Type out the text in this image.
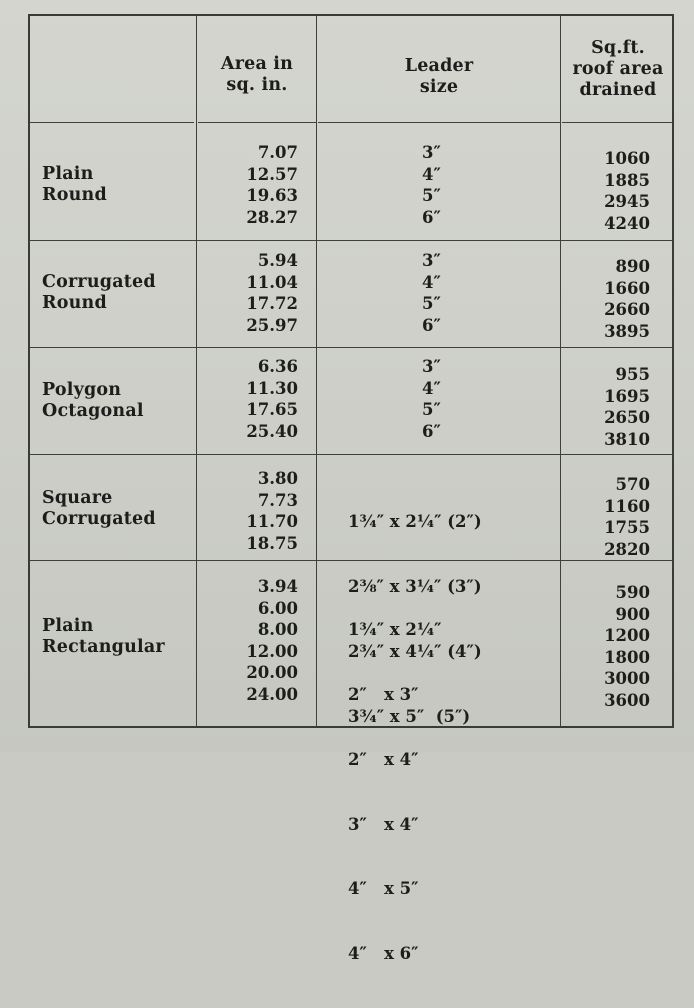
Area in
sq. in.
Leader
size
Sq.ft.
roof area
drained
Plain
Round
7.07
12.57
19.63
28.27
3″
4″
5″
6″
1060
1885
2945
4240
Corrugated
Round
5.94
11.04
17.72
25.97
3″
4″
5″
6″
890
1660
2660
3895
Polygon
Octagonal
6.36
11.30
17.65
25.40
3″
4″
5″
6″
955
1695
2650
3810
Square
Corrugated
3.80
7.73
11.70
18.75

1¾″ x 2¼″ (2″)

2⅜″ x 3¼″ (3″)

2¾″ x 4¼″ (4″)

3¾″ x 5″  (5″)

570
1160
1755
2820
Plain
Rectangular
3.94
6.00
8.00
12.00
20.00
24.00

1¾″ x 2¼″

2″   x 3″

2″   x 4″

3″   x 4″

4″   x 5″

4″   x 6″

590
900
1200
1800
3000
3600
